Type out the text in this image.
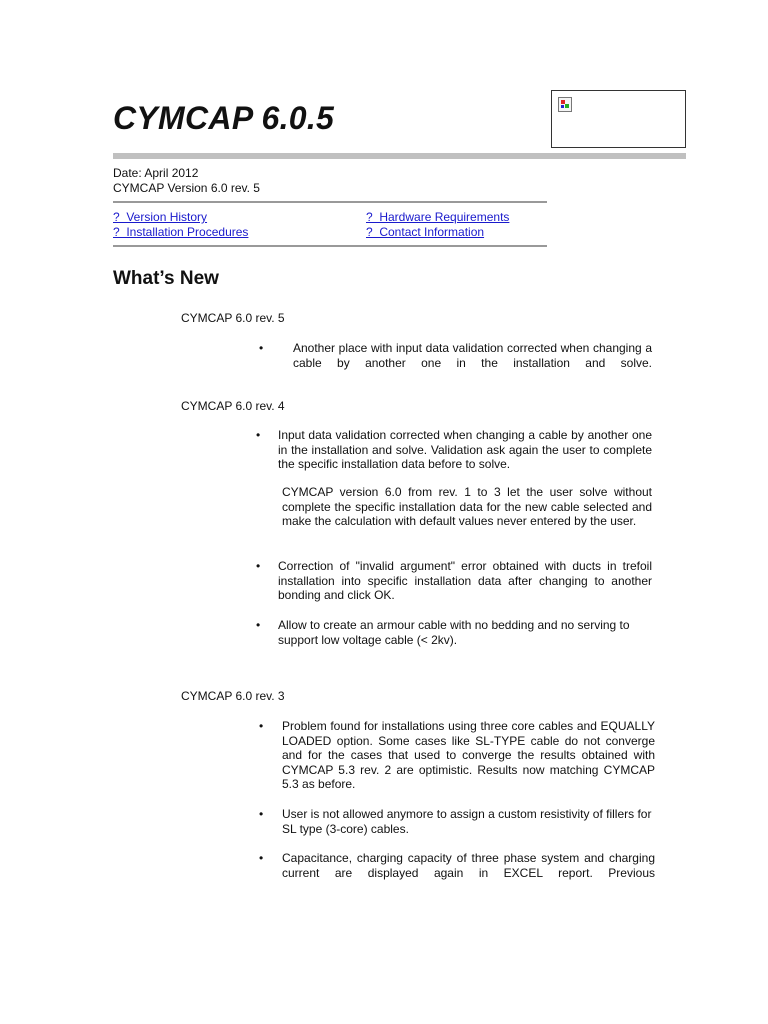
CYMCAP 6.0.5
Date: April 2012
CYMCAP Version 6.0 rev. 5
?  Version History	?  Hardware Requirements
?  Installation Procedures	?  Contact Information
What’s New
CYMCAP 6.0 rev. 5
• Another place with input data validation corrected when changing a cable by another one in the installation and solve.
CYMCAP 6.0 rev. 4
• Input data validation corrected when changing a cable by another one in the installation and solve. Validation ask again the user to complete the specific installation data before to solve.
CYMCAP version 6.0 from rev. 1 to 3 let the user solve without complete the specific installation data for the new cable selected and make the calculation with default values never entered by the user.
• Correction of "invalid argument" error obtained with ducts in trefoil installation into specific installation data after changing to another bonding and click OK.
• Allow to create an armour cable with no bedding and no serving to support low voltage cable (< 2kv).
CYMCAP 6.0 rev. 3
• Problem found for installations using three core cables and EQUALLY LOADED option. Some cases like SL-TYPE cable do not converge and for the cases that used to converge the results obtained with CYMCAP 5.3 rev. 2 are optimistic. Results now matching CYMCAP 5.3 as before.
• User is not allowed anymore to assign a custom resistivity of fillers for SL type (3-core) cables.
• Capacitance, charging capacity of three phase system and charging current are displayed again in EXCEL report. Previous
